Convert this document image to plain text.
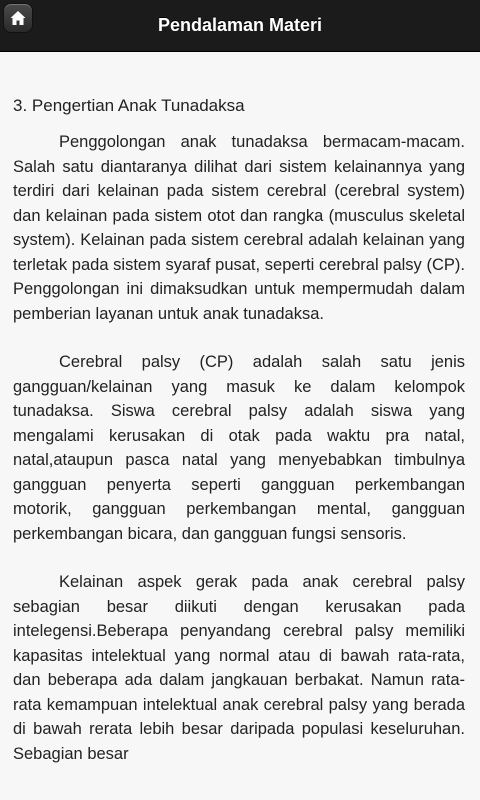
Pendalaman Materi
3. Pengertian Anak Tunadaksa

Penggolongan anak tunadaksa bermacam-macam. Salah satu diantaranya dilihat dari sistem kelainannya yang terdiri dari kelainan pada sistem cerebral (cerebral system) dan kelainan pada sistem otot dan rangka (musculus skeletal system). Kelainan pada sistem cerebral adalah kelainan yang terletak pada sistem syaraf pusat, seperti cerebral palsy (CP). Penggolongan ini dimaksudkan untuk mempermudah dalam pemberian layanan untuk anak tunadaksa.

Cerebral palsy (CP) adalah salah satu jenis gangguan/kelainan yang masuk ke dalam kelompok tunadaksa. Siswa cerebral palsy adalah siswa yang mengalami kerusakan di otak pada waktu pra natal, natal,ataupun pasca natal yang menyebabkan timbulnya gangguan penyerta seperti gangguan perkembangan motorik, gangguan perkembangan mental, gangguan perkembangan bicara, dan gangguan fungsi sensoris.

Kelainan aspek gerak pada anak cerebral palsy sebagian besar diikuti dengan kerusakan pada intelegensi.Beberapa penyandang cerebral palsy memiliki kapasitas intelektual yang normal atau di bawah rata-rata, dan beberapa ada dalam jangkauan berbakat. Namun rata-rata kemampuan intelektual anak cerebral palsy yang berada di bawah rerata lebih besar daripada populasi keseluruhan. Sebagian besar
